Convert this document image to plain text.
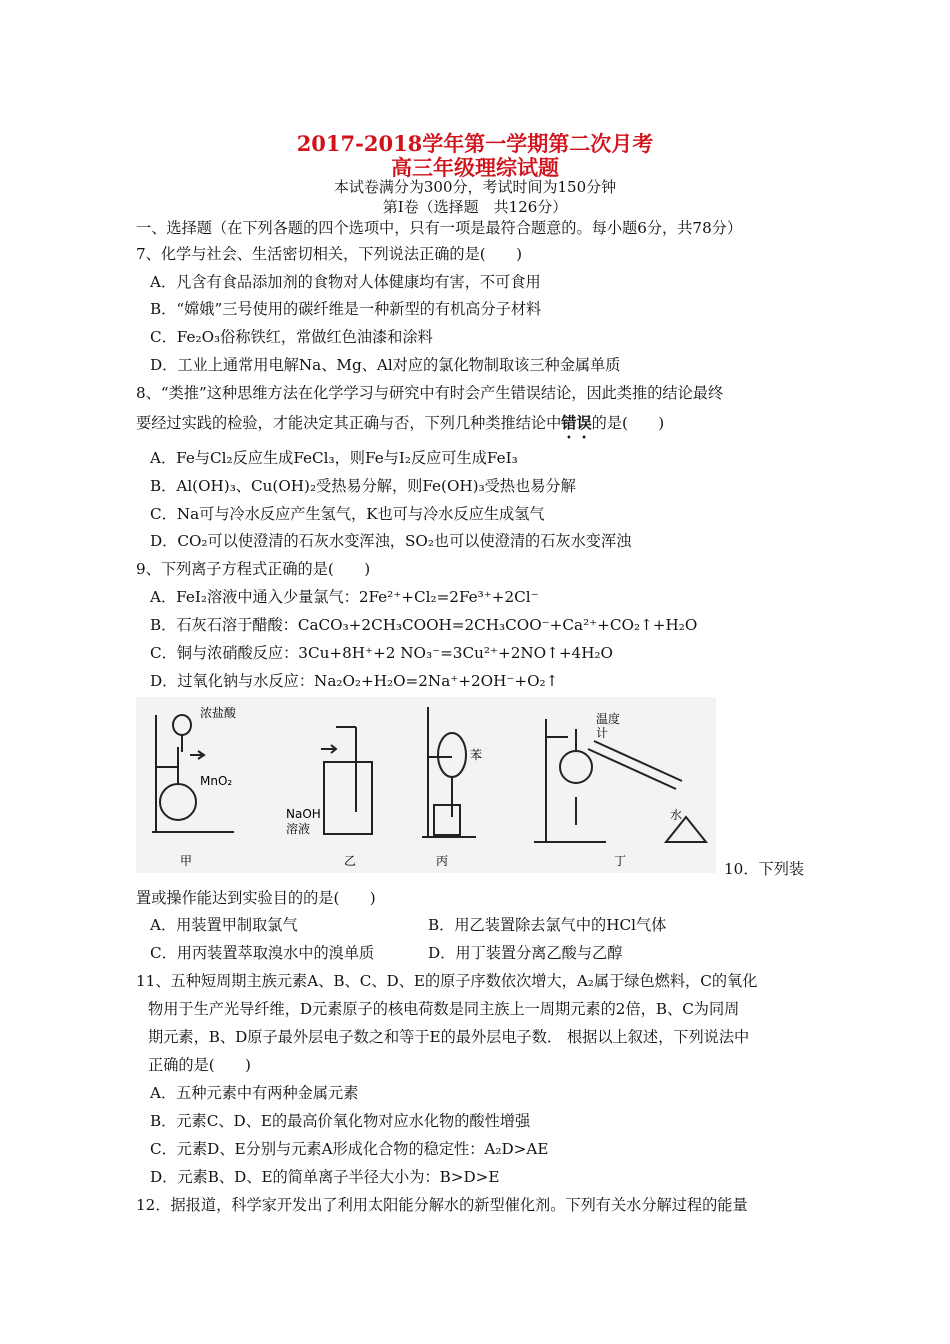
2017-2018学年第一学期第二次月考
高三年级理综试题
本试卷满分为300分，考试时间为150分钟
第I卷（选择题　共126分）
一、选择题（在下列各题的四个选项中，只有一项是最符合题意的。每小题6分，共78分）
7、化学与社会、生活密切相关，下列说法正确的是(　　)
A．凡含有食品添加剂的食物对人体健康均有害，不可食用
B．“嫦娥”三号使用的碳纤维是一种新型的有机高分子材料
C．Fe₂O₃俗称铁红，常做红色油漆和涂料
D．工业上通常用电解Na、Mg、Al对应的氯化物制取该三种金属单质
8、“类推”这种思维方法在化学学习与研究中有时会产生错误结论，因此类推的结论最终
要经过实践的检验，才能决定其正确与否，下列几种类推结论中错误的是(　　)
A．Fe与Cl₂反应生成FeCl₃，则Fe与I₂反应可生成FeI₃
B．Al(OH)₃、Cu(OH)₂受热易分解，则Fe(OH)₃受热也易分解
C．Na可与冷水反应产生氢气，K也可与冷水反应生成氢气
D．CO₂可以使澄清的石灰水变浑浊，SO₂也可以使澄清的石灰水变浑浊
9、下列离子方程式正确的是(　　)
A．FeI₂溶液中通入少量氯气：2Fe²⁺+Cl₂=2Fe³⁺+2Cl⁻
B．石灰石溶于醋酸：CaCO₃+2CH₃COOH=2CH₃COO⁻+Ca²⁺+CO₂↑+H₂O
C．铜与浓硝酸反应：3Cu+8H⁺+2 NO₃⁻=3Cu²⁺+2NO↑+4H₂O
D．过氧化钠与水反应：Na₂O₂+H₂O=2Na⁺+2OH⁻+O₂↑
浓盐酸
MnO₂
NaOH
溶液
苯
温度
计
水
甲	乙	丙	丁	10．下列装
置或操作能达到实验目的的是(　　)
A．用装置甲制取氯气	B．用乙装置除去氯气中的HCl气体
C．用丙装置萃取溴水中的溴单质	D．用丁装置分离乙酸与乙醇
11、五种短周期主族元素A、B、C、D、E的原子序数依次增大，A₂属于绿色燃料，C的氧化
物用于生产光导纤维，D元素原子的核电荷数是同主族上一周期元素的2倍，B、C为同周
期元素，B、D原子最外层电子数之和等于E的最外层电子数． 根据以上叙述，下列说法中
正确的是(　　)
A．五种元素中有两种金属元素
B．元素C、D、E的最高价氧化物对应水化物的酸性增强
C．元素D、E分别与元素A形成化合物的稳定性：A₂D>AE
D．元素B、D、E的简单离子半径大小为：B>D>E
12．据报道，科学家开发出了利用太阳能分解水的新型催化剂。下列有关水分解过程的能量
